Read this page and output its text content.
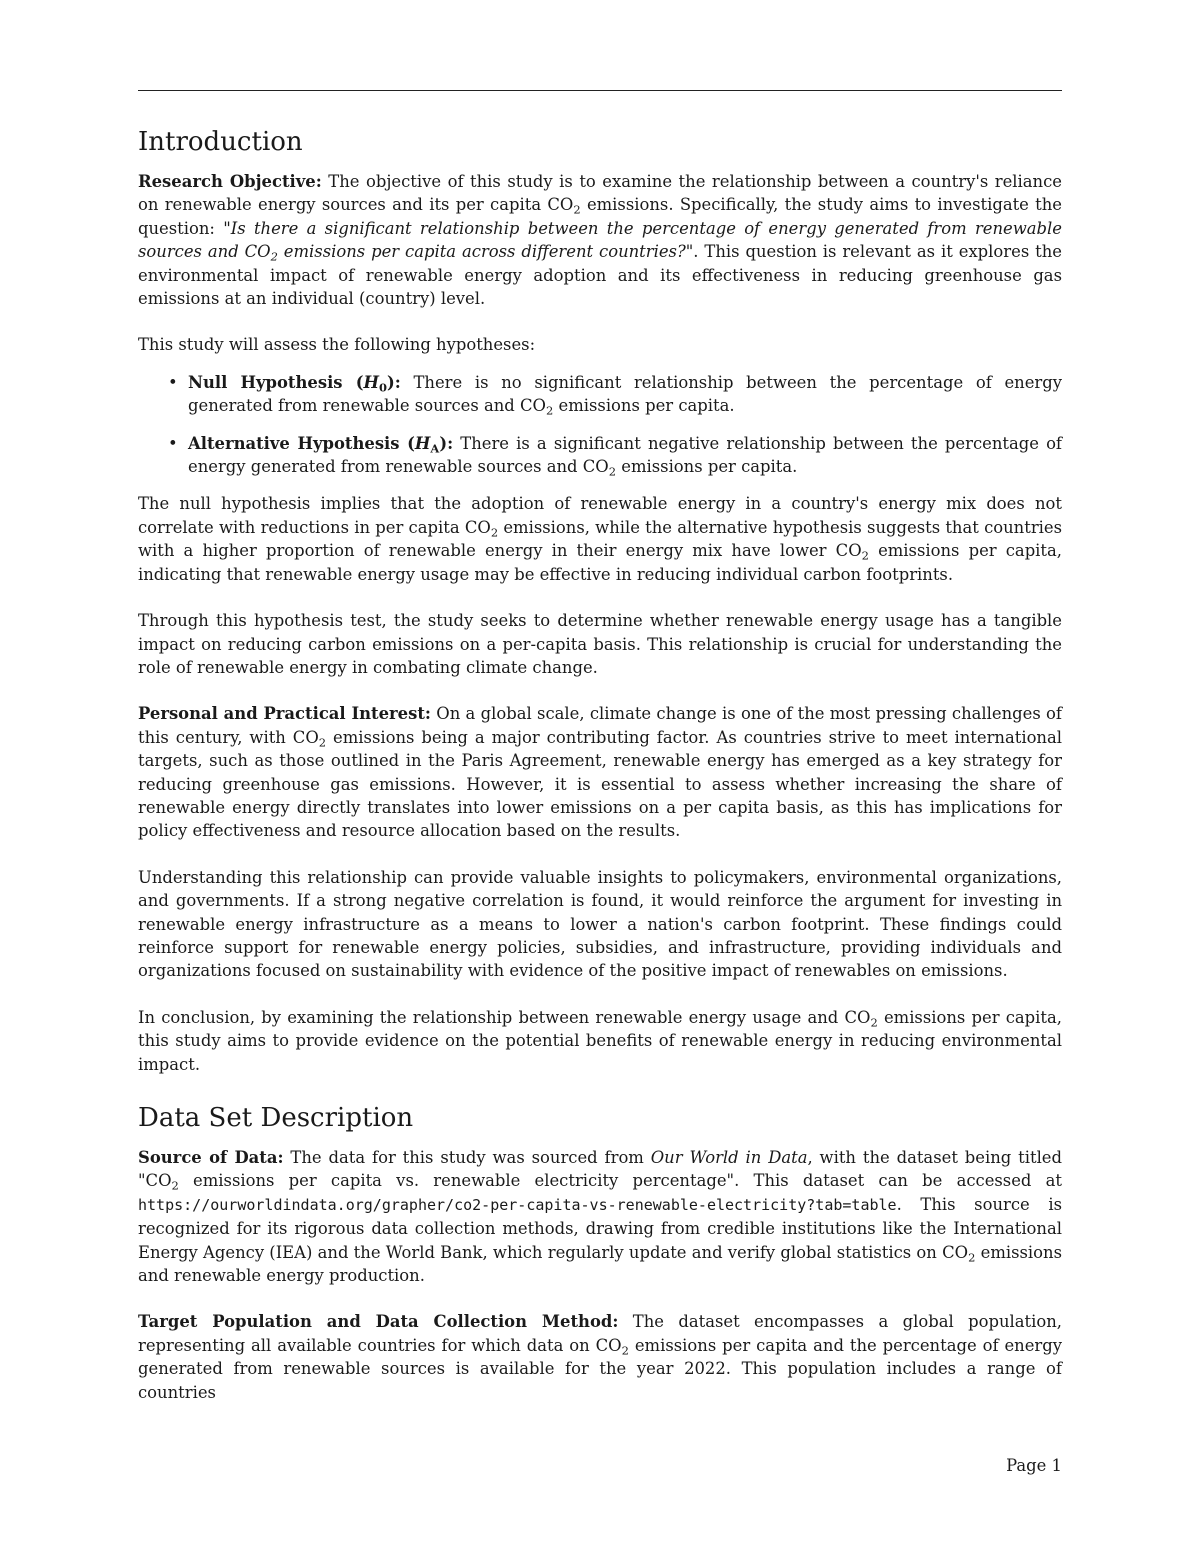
Introduction

Research Objective: The objective of this study is to examine the relationship between a country's reliance on renewable energy sources and its per capita $CO_2$ emissions. Specifically, the study aims to investigate the question: "Is there a significant relationship between the percentage of energy generated from renewable sources and $CO_2$ emissions per capita across different countries?". This question is relevant as it explores the environmental impact of renewable energy adoption and its effectiveness in reducing greenhouse gas emissions at an individual (country) level.

This study will assess the following hypotheses:

• Null Hypothesis $(H_0)$: There is no significant relationship between the percentage of energy generated from renewable sources and $CO_2$ emissions per capita.
• Alternative Hypothesis $(H_A)$: There is a significant negative relationship between the percentage of energy generated from renewable sources and $CO_2$ emissions per capita.

The null hypothesis implies that the adoption of renewable energy in a country's energy mix does not correlate with reductions in per capita $CO_2$ emissions, while the alternative hypothesis suggests that countries with a higher proportion of renewable energy in their energy mix have lower $CO_2$ emissions per capita, indicating that renewable energy usage may be effective in reducing individual carbon footprints.

Through this hypothesis test, the study seeks to determine whether renewable energy usage has a tangible impact on reducing carbon emissions on a per-capita basis. This relationship is crucial for understanding the role of renewable energy in combating climate change.

Personal and Practical Interest: On a global scale, climate change is one of the most pressing challenges of this century, with $CO_2$ emissions being a major contributing factor. As countries strive to meet international targets, such as those outlined in the Paris Agreement, renewable energy has emerged as a key strategy for reducing greenhouse gas emissions. However, it is essential to assess whether increasing the share of renewable energy directly translates into lower emissions on a per capita basis, as this has implications for policy effectiveness and resource allocation based on the results.

Understanding this relationship can provide valuable insights to policymakers, environmental organizations, and governments. If a strong negative correlation is found, it would reinforce the argument for investing in renewable energy infrastructure as a means to lower a nation's carbon footprint. These findings could reinforce support for renewable energy policies, subsidies, and infrastructure, providing individuals and organizations focused on sustainability with evidence of the positive impact of renewables on emissions.

In conclusion, by examining the relationship between renewable energy usage and $CO_2$ emissions per capita, this study aims to provide evidence on the potential benefits of renewable energy in reducing environmental impact.

Data Set Description

Source of Data: The data for this study was sourced from Our World in Data, with the dataset being titled "$CO_2$ emissions per capita vs. renewable electricity percentage". This dataset can be accessed at https://ourworldindata.org/grapher/co2-per-capita-vs-renewable-electricity?tab=table. This source is recognized for its rigorous data collection methods, drawing from credible institutions like the International Energy Agency (IEA) and the World Bank, which regularly update and verify global statistics on $CO_2$ emissions and renewable energy production.

Target Population and Data Collection Method: The dataset encompasses a global population, representing all available countries for which data on $CO_2$ emissions per capita and the percentage of energy generated from renewable sources is available for the year 2022. This population includes a range of countries

Page 1
